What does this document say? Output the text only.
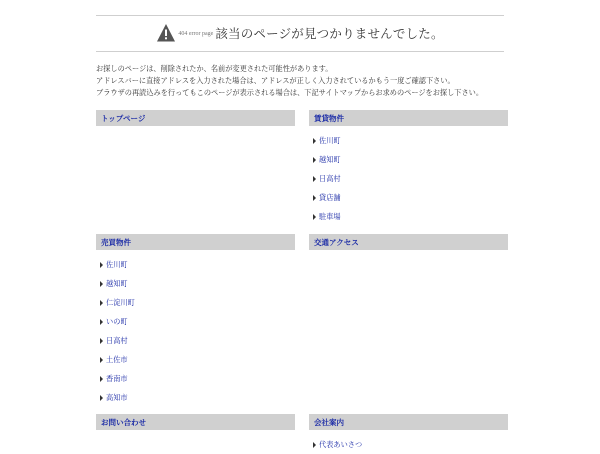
404 error page 該当のページが見つかりませんでした。

お探しのページは、削除されたか、名前が変更された可能性があります。

アドレスバーに直接アドレスを入力された場合は、アドレスが正しく入力されているかもう一度ご確認下さい。

ブラウザの再読込みを行ってもこのページが表示される場合は、下記サイトマップからお求めのページをお探し下さい。

トップページ	賃貸物件
佐川町
越知町
日高村
貸店舗
駐車場
売買物件
佐川町
越知町
仁淀川町
いの町
日高村
土佐市
香南市
高知市
交通アクセス
お問い合わせ	会社案内
代表あいさつ
